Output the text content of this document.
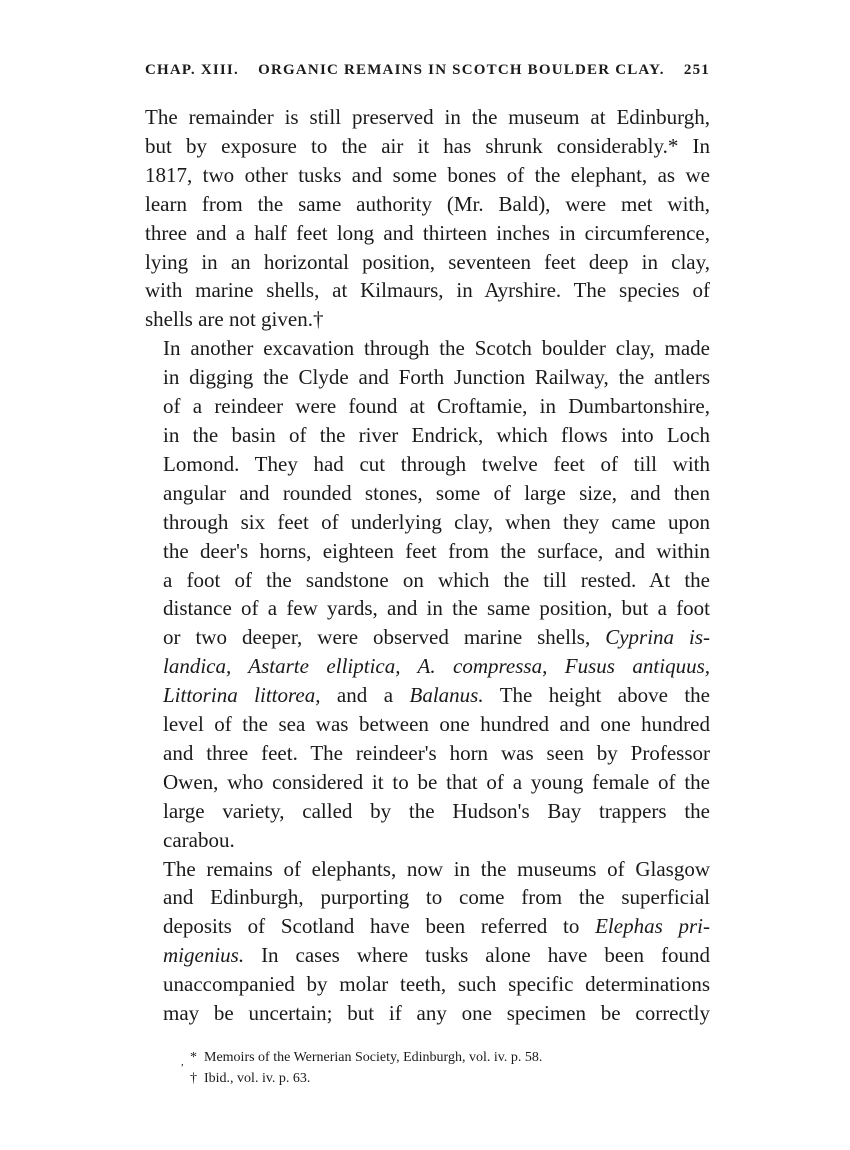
CHAP. XIII.	ORGANIC REMAINS IN SCOTCH BOULDER CLAY.	251

The remainder is still preserved in the museum at Edinburgh,
but by exposure to the air it has shrunk considerably.* In
1817, two other tusks and some bones of the elephant, as we
learn from the same authority (Mr. Bald), were met with,
three and a half feet long and thirteen inches in circumference,
lying in an horizontal position, seventeen feet deep in clay,
with marine shells, at Kilmaurs, in Ayrshire. The species of
shells are not given.†

In another excavation through the Scotch boulder clay, made
in digging the Clyde and Forth Junction Railway, the antlers
of a reindeer were found at Croftamie, in Dumbartonshire,
in the basin of the river Endrick, which flows into Loch
Lomond. They had cut through twelve feet of till with
angular and rounded stones, some of large size, and then
through six feet of underlying clay, when they came upon
the deer's horns, eighteen feet from the surface, and within
a foot of the sandstone on which the till rested. At the
distance of a few yards, and in the same position, but a foot
or two deeper, were observed marine shells, Cyprina is-
landica, Astarte elliptica, A. compressa, Fusus antiquus,
Littorina littorea, and a Balanus. The height above the
level of the sea was between one hundred and one hundred
and three feet. The reindeer's horn was seen by Professor
Owen, who considered it to be that of a young female of the
large variety, called by the Hudson's Bay trappers the
carabou.

The remains of elephants, now in the museums of Glasgow
and Edinburgh, purporting to come from the superficial
deposits of Scotland have been referred to Elephas pri-
migenius. In cases where tusks alone have been found
unaccompanied by molar teeth, such specific determinations
may be uncertain; but if any one specimen be correctly

, * Memoirs of the Wernerian Society, Edinburgh, vol. iv. p. 58.
† Ibid., vol. iv. p. 63.
